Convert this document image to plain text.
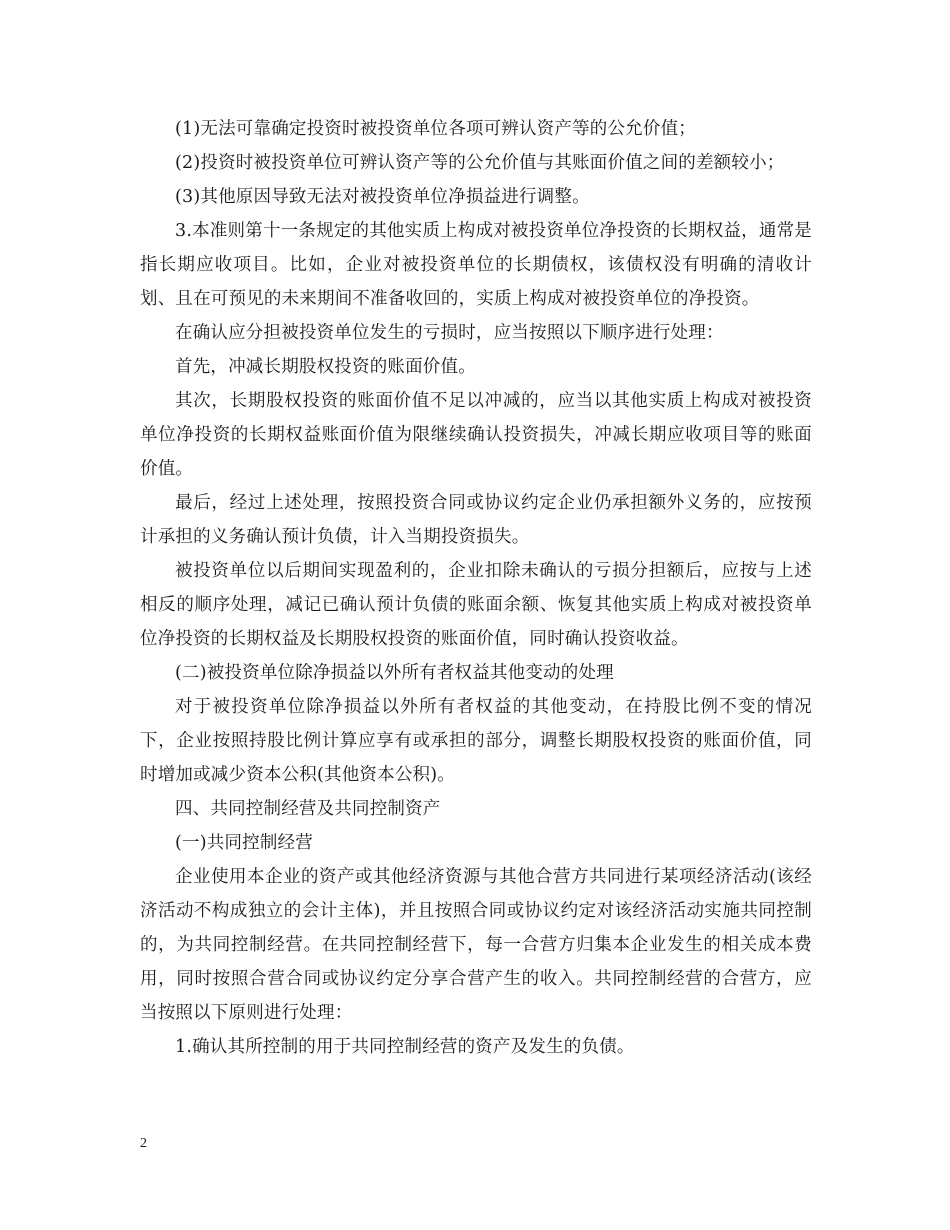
(1)无法可靠确定投资时被投资单位各项可辨认资产等的公允价值；

(2)投资时被投资单位可辨认资产等的公允价值与其账面价值之间的差额较小；

(3)其他原因导致无法对被投资单位净损益进行调整。

3.本准则第十一条规定的其他实质上构成对被投资单位净投资的长期权益，通常是指长期应收项目。比如，企业对被投资单位的长期债权，该债权没有明确的清收计划、且在可预见的未来期间不准备收回的，实质上构成对被投资单位的净投资。

在确认应分担被投资单位发生的亏损时，应当按照以下顺序进行处理：

首先，冲减长期股权投资的账面价值。

其次，长期股权投资的账面价值不足以冲减的，应当以其他实质上构成对被投资单位净投资的长期权益账面价值为限继续确认投资损失，冲减长期应收项目等的账面价值。

最后，经过上述处理，按照投资合同或协议约定企业仍承担额外义务的，应按预计承担的义务确认预计负债，计入当期投资损失。

被投资单位以后期间实现盈利的，企业扣除未确认的亏损分担额后，应按与上述相反的顺序处理，减记已确认预计负债的账面余额、恢复其他实质上构成对被投资单位净投资的长期权益及长期股权投资的账面价值，同时确认投资收益。

(二)被投资单位除净损益以外所有者权益其他变动的处理

对于被投资单位除净损益以外所有者权益的其他变动，在持股比例不变的情况下，企业按照持股比例计算应享有或承担的部分，调整长期股权投资的账面价值，同时增加或减少资本公积(其他资本公积)。

四、共同控制经营及共同控制资产

(一)共同控制经营

企业使用本企业的资产或其他经济资源与其他合营方共同进行某项经济活动(该经济活动不构成独立的会计主体)，并且按照合同或协议约定对该经济活动实施共同控制的，为共同控制经营。在共同控制经营下，每一合营方归集本企业发生的相关成本费用，同时按照合营合同或协议约定分享合营产生的收入。共同控制经营的合营方，应当按照以下原则进行处理：

1.确认其所控制的用于共同控制经营的资产及发生的负债。

2
